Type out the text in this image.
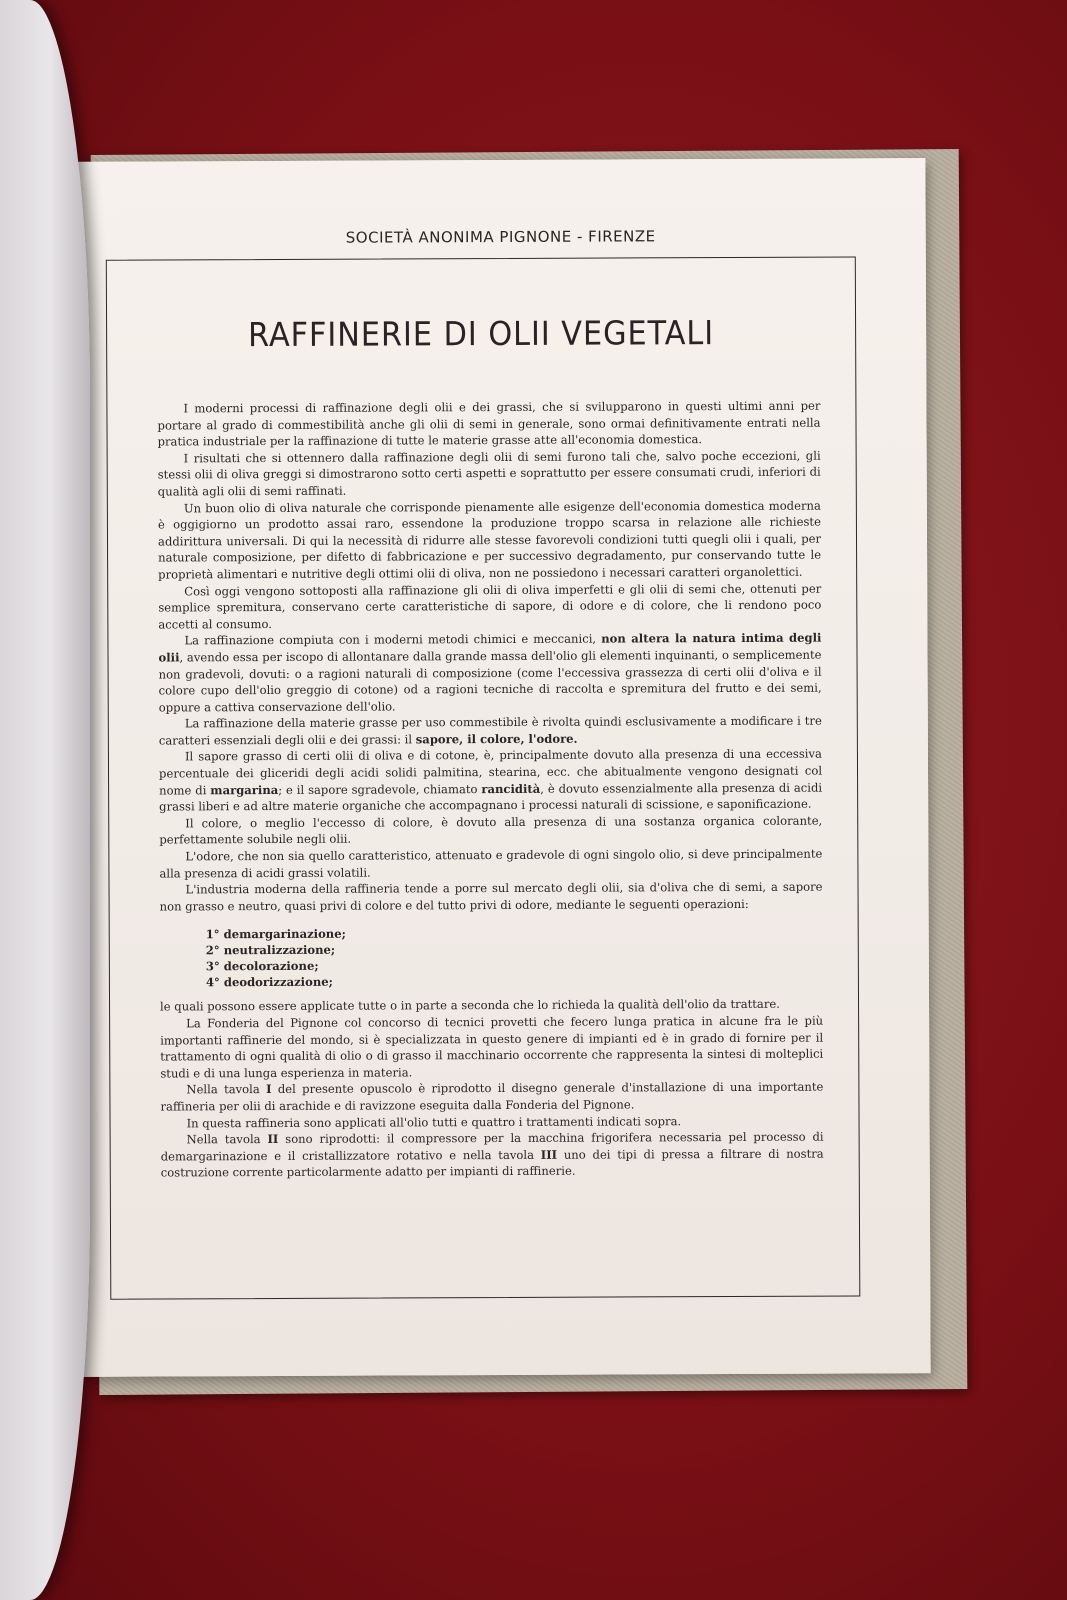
SOCIETÀ ANONIMA PIGNONE - FIRENZE
RAFFINERIE DI OLII VEGETALI

I moderni processi di raffinazione degli olii e dei grassi, che si svilupparono in questi ultimi anni per portare al grado di commestibilità anche gli olii di semi in generale, sono ormai definitivamente entrati nella pratica industriale per la raffinazione di tutte le materie grasse atte all'economia domestica.

I risultati che si ottennero dalla raffinazione degli olii di semi furono tali che, salvo poche eccezioni, gli stessi olii di oliva greggi si dimostrarono sotto certi aspetti e soprattutto per essere consumati crudi, inferiori di qualità agli olii di semi raffinati.

Un buon olio di oliva naturale che corrisponde pienamente alle esigenze dell'economia domestica moderna è oggigiorno un prodotto assai raro, essendone la produzione troppo scarsa in relazione alle richieste addirittura universali. Di qui la necessità di ridurre alle stesse favorevoli condizioni tutti quegli olii i quali, per naturale composizione, per difetto di fabbricazione e per successivo degradamento, pur conservando tutte le proprietà alimentari e nutritive degli ottimi olii di oliva, non ne possiedono i necessari caratteri organolettici.

Così oggi vengono sottoposti alla raffinazione gli olii di oliva imperfetti e gli olii di semi che, ottenuti per semplice spremitura, conservano certe caratteristiche di sapore, di odore e di colore, che li rendono poco accetti al consumo.

La raffinazione compiuta con i moderni metodi chimici e meccanici, non altera la natura intima degli olii, avendo essa per iscopo di allontanare dalla grande massa dell'olio gli elementi inquinanti, o semplicemente non gradevoli, dovuti: o a ragioni naturali di composizione (come l'eccessiva grassezza di certi olii d'oliva e il colore cupo dell'olio greggio di cotone) od a ragioni tecniche di raccolta e spremitura del frutto e dei semi, oppure a cattiva conservazione dell'olio.

La raffinazione della materie grasse per uso commestibile è rivolta quindi esclusivamente a modificare i tre caratteri essenziali degli olii e dei grassi: il sapore, il colore, l'odore.

Il sapore grasso di certi olii di oliva e di cotone, è, principalmente dovuto alla presenza di una eccessiva percentuale dei gliceridi degli acidi solidi palmitina, stearina, ecc. che abitualmente vengono designati col nome di margarina; e il sapore sgradevole, chiamato rancidità, è dovuto essenzialmente alla presenza di acidi grassi liberi e ad altre materie organiche che accompagnano i processi naturali di scissione, e saponificazione.

Il colore, o meglio l'eccesso di colore, è dovuto alla presenza di una sostanza organica colorante, perfettamente solubile negli olii.

L'odore, che non sia quello caratteristico, attenuato e gradevole di ogni singolo olio, si deve principalmente alla presenza di acidi grassi volatili.

L'industria moderna della raffineria tende a porre sul mercato degli olii, sia d'oliva che di semi, a sapore non grasso e neutro, quasi privi di colore e del tutto privi di odore, mediante le seguenti operazioni:

1° demargarinazione;
2° neutralizzazione;
3° decolorazione;
4° deodorizzazione;

le quali possono essere applicate tutte o in parte a seconda che lo richieda la qualità dell'olio da trattare.

La Fonderia del Pignone col concorso di tecnici provetti che fecero lunga pratica in alcune fra le più importanti raffinerie del mondo, si è specializzata in questo genere di impianti ed è in grado di fornire per il trattamento di ogni qualità di olio o di grasso il macchinario occorrente che rappresenta la sintesi di molteplici studi e di una lunga esperienza in materia.

Nella tavola I del presente opuscolo è riprodotto il disegno generale d'installazione di una importante raffineria per olii di arachide e di ravizzone eseguita dalla Fonderia del Pignone.

In questa raffineria sono applicati all'olio tutti e quattro i trattamenti indicati sopra.

Nella tavola II sono riprodotti: il compressore per la macchina frigorifera necessaria pel processo di demargarinazione e il cristallizzatore rotativo e nella tavola III uno dei tipi di pressa a filtrare di nostra costruzione corrente particolarmente adatto per impianti di raffinerie.
